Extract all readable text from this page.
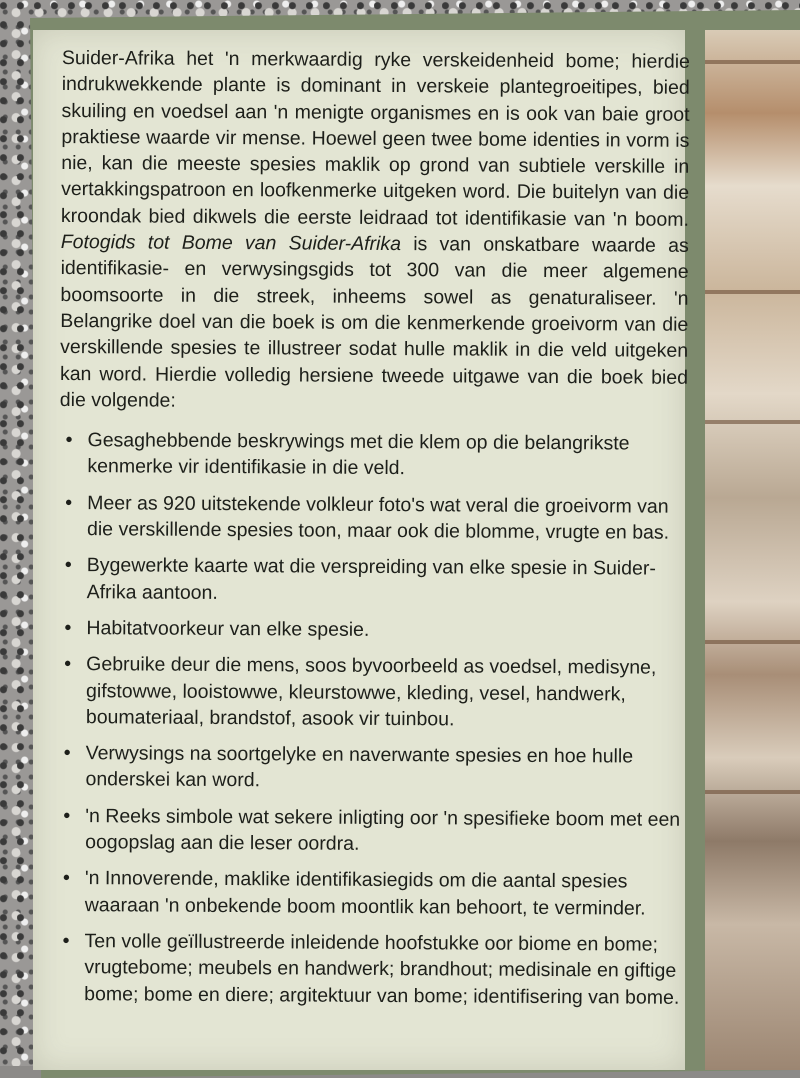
Suider-Afrika het 'n merkwaardig ryke verskeidenheid bome; hierdie indrukwekkende plante is dominant in verskeie plantegroeitipes, bied skuiling en voedsel aan 'n menigte organismes en is ook van baie groot praktiese waarde vir mense. Hoewel geen twee bome identies in vorm is nie, kan die meeste spesies maklik op grond van subtiele verskille in vertakkingspatroon en loofkenmerke uitgeken word. Die buitelyn van die kroondak bied dikwels die eerste leidraad tot identifikasie van 'n boom. Fotogids tot Bome van Suider-Afrika is van onskatbare waarde as identifikasie- en verwysingsgids tot 300 van die meer algemene boomsoorte in die streek, inheems sowel as genaturaliseer. 'n Belangrike doel van die boek is om die kenmerkende groeivorm van die verskillende spesies te illustreer sodat hulle maklik in die veld uitgeken kan word. Hierdie volledig hersiene tweede uitgawe van die boek bied die volgende:

• Gesaghebbende beskrywings met die klem op die belangrikste kenmerke vir identifikasie in die veld.
• Meer as 920 uitstekende volkleur foto's wat veral die groeivorm van die verskillende spesies toon, maar ook die blomme, vrugte en bas.
• Bygewerkte kaarte wat die verspreiding van elke spesie in Suider-Afrika aantoon.
• Habitatvoorkeur van elke spesie.
• Gebruike deur die mens, soos byvoorbeeld as voedsel, medisyne, gifstowwe, looistowwe, kleurstowwe, kleding, vesel, handwerk, boumateriaal, brandstof, asook vir tuinbou.
• Verwysings na soortgelyke en naverwante spesies en hoe hulle onderskei kan word.
• 'n Reeks simbole wat sekere inligting oor 'n spesifieke boom met een oogopslag aan die leser oordra.
• 'n Innoverende, maklike identifikasiegids om die aantal spesies waaraan 'n onbekende boom moontlik kan behoort, te verminder.
• Ten volle geïllustreerde inleidende hoofstukke oor biome en bome; vrugtebome; meubels en handwerk; brandhout; medisinale en giftige bome; bome en diere; argitektuur van bome; identifisering van bome.
